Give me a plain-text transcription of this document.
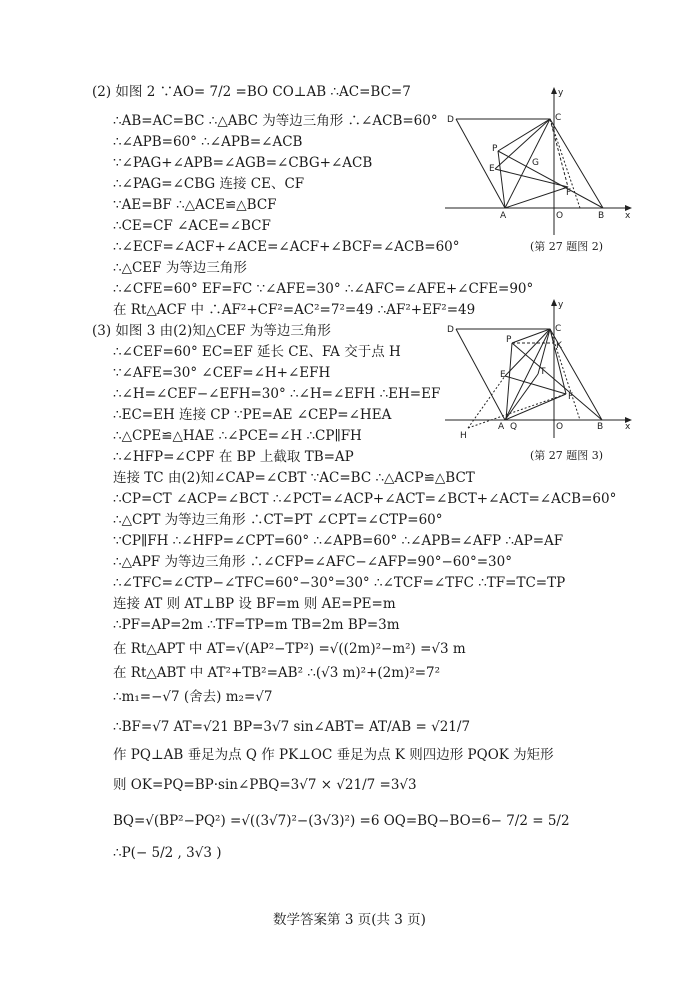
(2) 如图 2 ∵AO= 7/2 =BO CO⊥AB ∴AC=BC=7
∴AB=AC=BC ∴△ABC 为等边三角形 ∴∠ACB=60°
∴∠APB=60° ∴∠APB=∠ACB
∵∠PAG+∠APB=∠AGB=∠CBG+∠ACB
∴∠PAG=∠CBG 连接 CE、CF
∵AE=BF ∴△ACE≌△BCF
∴CE=CF ∠ACE=∠BCF
∴∠ECF=∠ACF+∠ACE=∠ACF+∠BCF=∠ACB=60°
∴△CEF 为等边三角形
∴∠CFE=60° EF=FC ∵∠AFE=30° ∴∠AFC=∠AFE+∠CFE=90°
在 Rt△ACF 中 ∴AF²+CF²=AC²=7²=49 ∴AF²+EF²=49
(3) 如图 3 由(2)知△CEF 为等边三角形
∴∠CEF=60° EC=EF 延长 CE、FA 交于点 H
∵∠AFE=30° ∠CEF=∠H+∠EFH
∴∠H=∠CEF−∠EFH=30° ∴∠H=∠EFH ∴EH=EF
∴EC=EH 连接 CP ∵PE=AE ∠CEP=∠HEA
∴△CPE≌△HAE ∴∠PCE=∠H ∴CP∥FH
∴∠HFP=∠CPF 在 BP 上截取 TB=AP
连接 TC 由(2)知∠CAP=∠CBT ∵AC=BC ∴△ACP≌△BCT
∴CP=CT ∠ACP=∠BCT ∴∠PCT=∠ACP+∠ACT=∠BCT+∠ACT=∠ACB=60°
∴△CPT 为等边三角形 ∴CT=PT ∠CPT=∠CTP=60°
∵CP∥FH ∴∠HFP=∠CPT=60° ∴∠APB=60° ∴∠APB=∠AFP ∴AP=AF
∴△APF 为等边三角形 ∴∠CFP=∠AFC−∠AFP=90°−60°=30°
∴∠TFC=∠CTP−∠TFC=60°−30°=30° ∴∠TCF=∠TFC ∴TF=TC=TP
连接 AT 则 AT⊥BP 设 BF=m 则 AE=PE=m
∴PF=AP=2m ∴TF=TP=m TB=2m BP=3m
在 Rt△APT 中 AT=√(AP²−TP²) =√((2m)²−m²) =√3 m
在 Rt△ABT 中 AT²+TB²=AB² ∴(√3 m)²+(2m)²=7²
∴m₁=−√7 (舍去) m₂=√7
∴BF=√7 AT=√21 BP=3√7 sin∠ABT= AT/AB = √21/7
作 PQ⊥AB 垂足为点 Q 作 PK⊥OC 垂足为点 K 则四边形 PQOK 为矩形
则 OK=PQ=BP·sin∠PBQ=3√7 × √21/7 =3√3
BQ=√(BP²−PQ²) =√((3√7)²−(3√3)²) =6 OQ=BQ−BO=6− 7/2 = 5/2
∴P(− 5/2 , 3√3 )
D	C
P
E
G
F
A	O	B x
y
(第 27 题图 2)
D	C
P
K
E	T
F
H
A Q	O	B x
y
(第 27 题图 3)
数学答案第 3 页(共 3 页)
